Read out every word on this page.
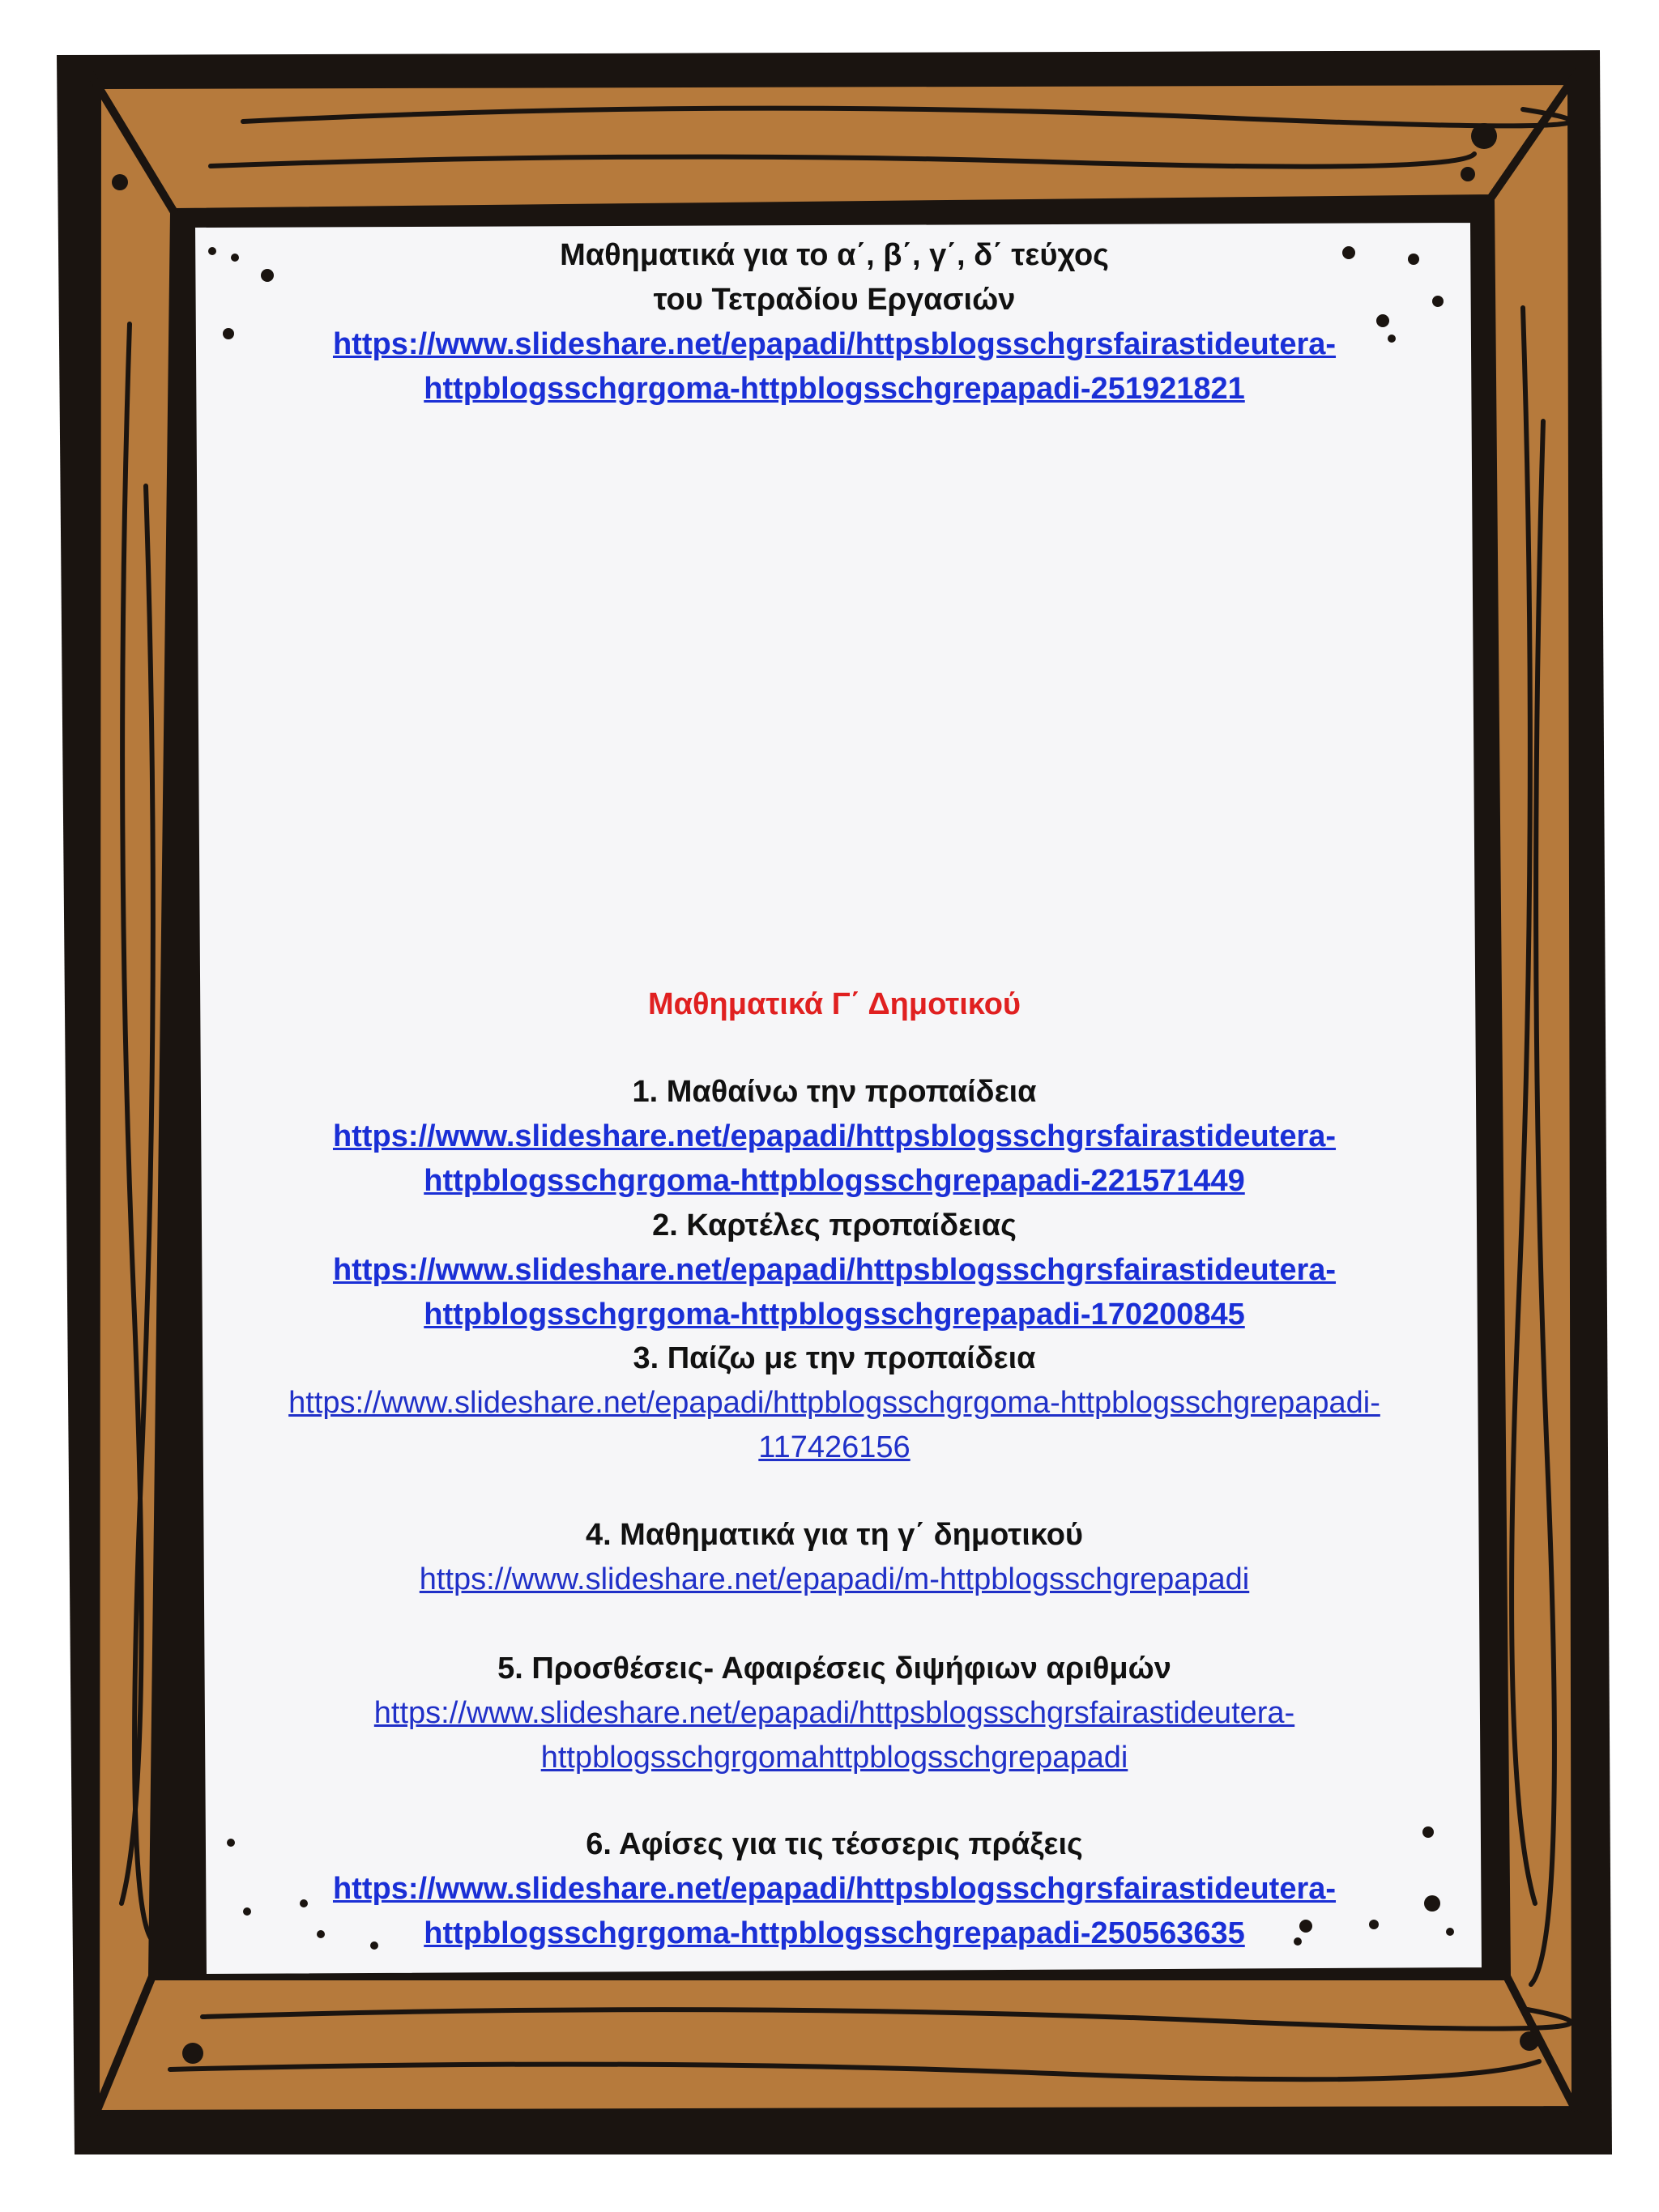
Μαθηματικά για το α΄, β΄, γ΄, δ΄ τεύχος
του Τετραδίου Εργασιών
https://www.slideshare.net/epapadi/httpsblogsschgrsfairastideutera-
httpblogsschgrgoma-httpblogsschgrepapadi-251921821
Μαθηματικά Γ΄ Δημοτικού
1. Μαθαίνω την προπαίδεια
https://www.slideshare.net/epapadi/httpsblogsschgrsfairastideutera-
httpblogsschgrgoma-httpblogsschgrepapadi-221571449
2. Καρτέλες προπαίδειας
https://www.slideshare.net/epapadi/httpsblogsschgrsfairastideutera-
httpblogsschgrgoma-httpblogsschgrepapadi-170200845
3. Παίζω με την προπαίδεια
https://www.slideshare.net/epapadi/httpblogsschgrgoma-httpblogsschgrepapadi-
117426156
4. Μαθηματικά για τη γ΄ δημοτικού
https://www.slideshare.net/epapadi/m-httpblogsschgrepapadi
5. Προσθέσεις- Αφαιρέσεις διψήφιων αριθμών
https://www.slideshare.net/epapadi/httpsblogsschgrsfairastideutera-
httpblogsschgrgomahttpblogsschgrepapadi
6. Αφίσες για τις τέσσερις πράξεις
https://www.slideshare.net/epapadi/httpsblogsschgrsfairastideutera-
httpblogsschgrgoma-httpblogsschgrepapadi-250563635
